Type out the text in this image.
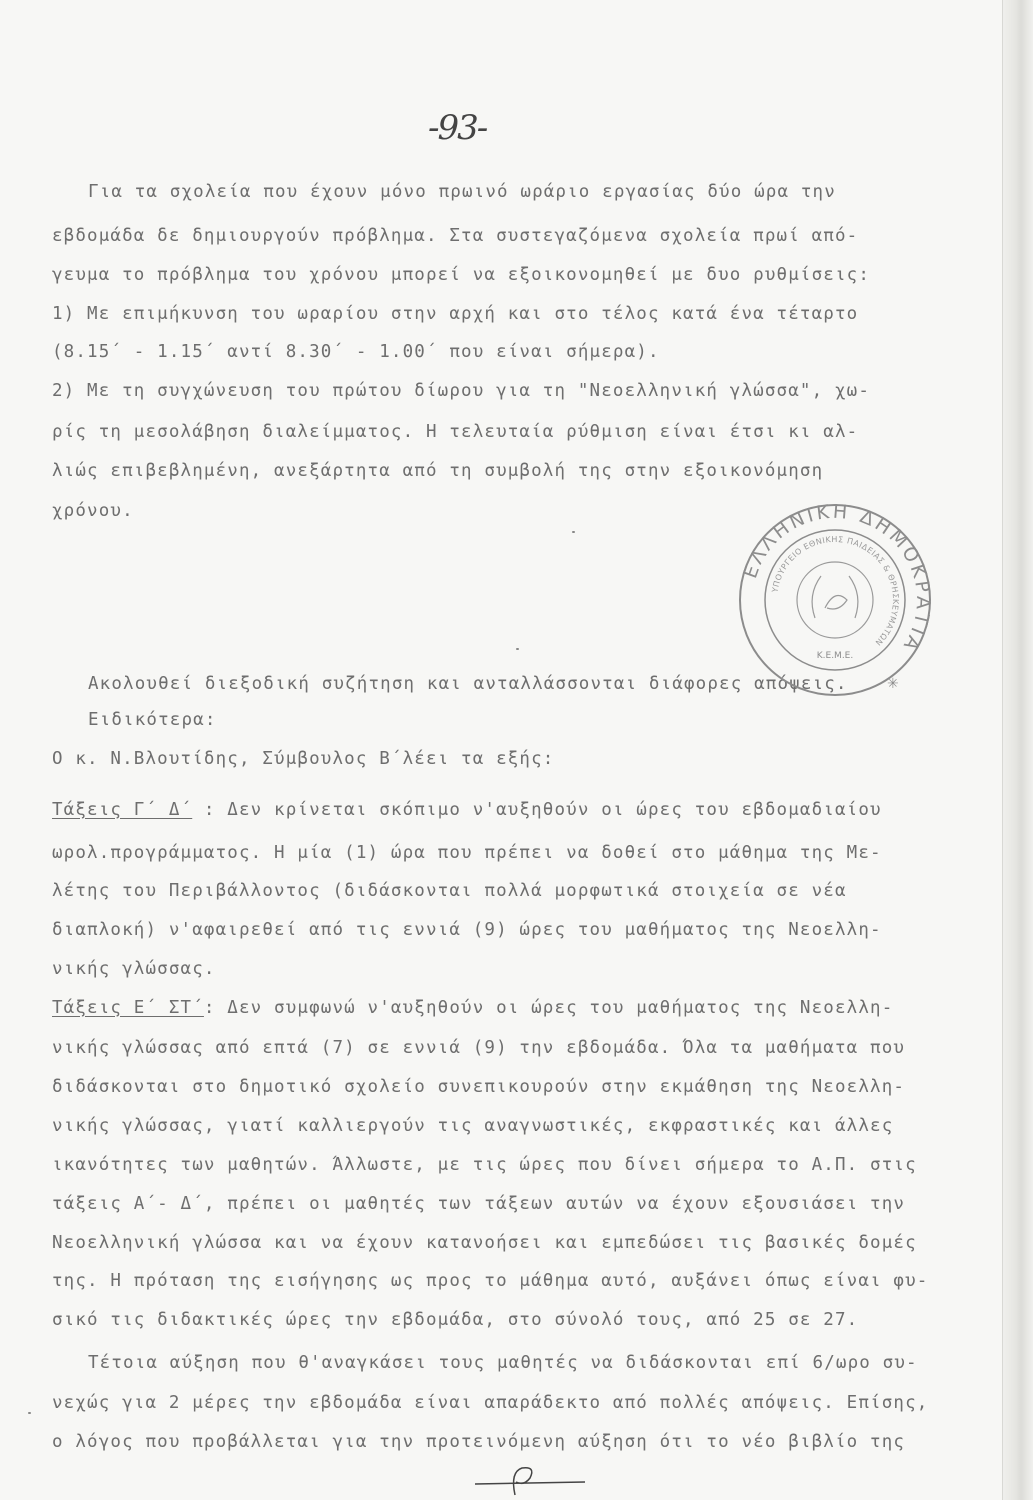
-93-
Για τα σχολεία που έχουν μόνο πρωινό ωράριο εργασίας δύο ώρα την
εβδομάδα δε δημιουργούν πρόβλημα. Στα συστεγαζόμενα σχολεία πρωί από-
γευμα το πρόβλημα του χρόνου μπορεί να εξοικονομηθεί με δυο ρυθμίσεις:
1) Με επιμήκυνση του ωραρίου στην αρχή και στο τέλος κατά ένα τέταρτο
(8.15΄ - 1.15΄ αντί 8.30΄ - 1.00΄ που είναι σήμερα).
2) Με τη συγχώνευση του πρώτου δίωρου για τη "Νεοελληνική γλώσσα", χω-
ρίς τη μεσολάβηση διαλείμματος. Η τελευταία ρύθμιση είναι έτσι κι αλ-
λιώς επιβεβλημένη, ανεξάρτητα από τη συμβολή της στην εξοικονόμηση
χρόνου.
Ακολουθεί διεξοδική συζήτηση και ανταλλάσσονται διάφορες απόψεις.
Ειδικότερα:
Ο κ. Ν.Βλουτίδης, Σύμβουλος Β΄λέει τα εξής:
Τάξεις Γ΄ Δ΄ : Δεν κρίνεται σκόπιμο ν'αυξηθούν οι ώρες του εβδομαδιαίου
ωρολ.προγράμματος. Η μία (1) ώρα που πρέπει να δοθεί στο μάθημα της Με-
λέτης του Περιβάλλοντος (διδάσκονται πολλά μορφωτικά στοιχεία σε νέα
διαπλοκή) ν'αφαιρεθεί από τις εννιά (9) ώρες του μαθήματος της Νεοελλη-
νικής γλώσσας.
Τάξεις Ε΄ ΣΤ΄: Δεν συμφωνώ ν'αυξηθούν οι ώρες του μαθήματος της Νεοελλη-
νικής γλώσσας από επτά (7) σε εννιά (9) την εβδομάδα. Όλα τα μαθήματα που
διδάσκονται στο δημοτικό σχολείο συνεπικουρούν στην εκμάθηση της Νεοελλη-
νικής γλώσσας, γιατί καλλιεργούν τις αναγνωστικές, εκφραστικές και άλλες
ικανότητες των μαθητών. Άλλωστε, με τις ώρες που δίνει σήμερα το Α.Π. στις
τάξεις Α΄- Δ΄, πρέπει οι μαθητές των τάξεων αυτών να έχουν εξουσιάσει την
Νεοελληνική γλώσσα και να έχουν κατανοήσει και εμπεδώσει τις βασικές δομές
της. Η πρόταση της εισήγησης ως προς το μάθημα αυτό, αυξάνει όπως είναι φυ-
σικό τις διδακτικές ώρες την εβδομάδα, στο σύνολό τους, από 25 σε 27.
Τέτοια αύξηση που θ'αναγκάσει τους μαθητές να διδάσκονται επί 6/ωρο συ-
νεχώς για 2 μέρες την εβδομάδα είναι απαράδεκτο από πολλές απόψεις. Επίσης,
ο λόγος που προβάλλεται για την προτεινόμενη αύξηση ότι το νέο βιβλίο της
ΕΛΛΗΝΙΚΗ ΔΗΜΟΚΡΑΤΙΑ
ΥΠΟΥΡΓΕΙΟ ΕΘΝΙΚΗΣ ΠΑΙΔΕΙΑΣ & ΘΡΗΣΚΕΥΜΑΤΩΝ
Κ.Ε.Μ.Ε.
✳
